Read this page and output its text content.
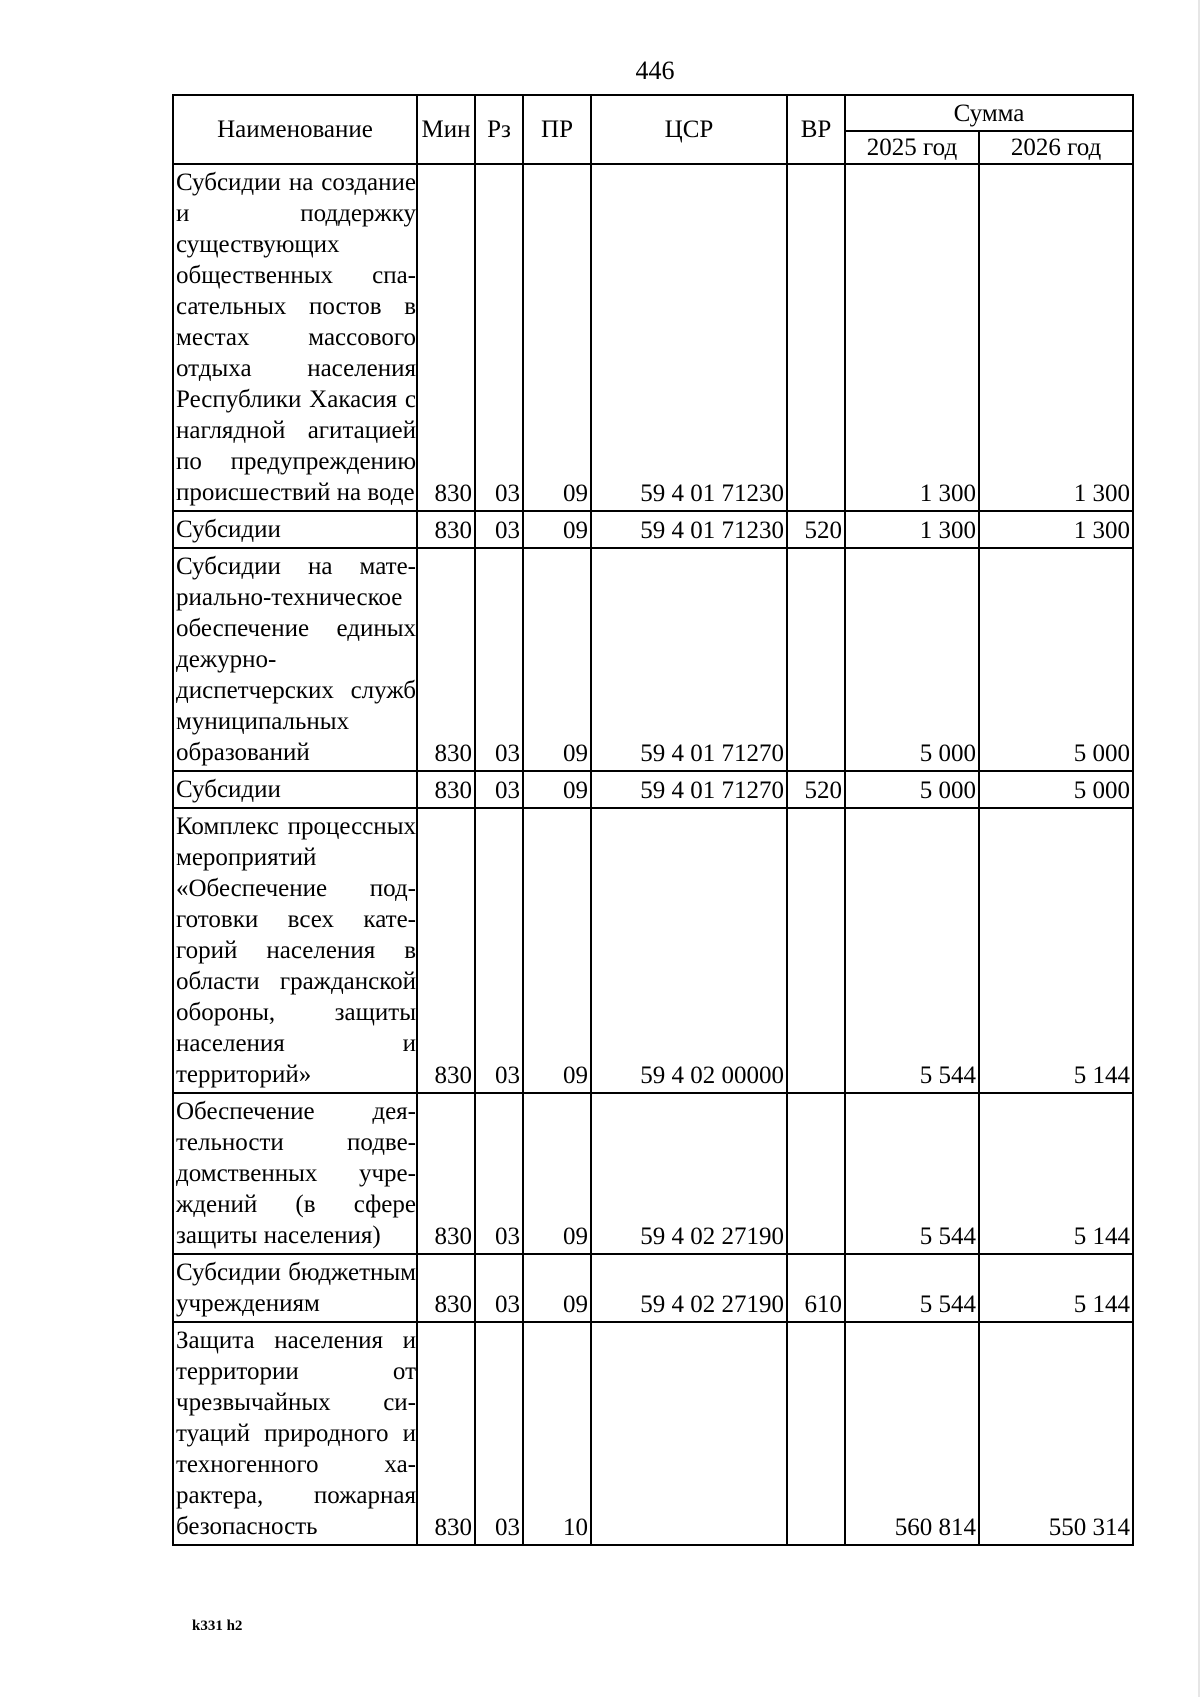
446
Наименование	Мин	Рз	ПР	ЦСР	ВР	Сумма	
						2025 год	2026 год
Субсидии на создание и поддержку существующих общественных спасательных постов в местах массового отдыха населения Республики Хакасия с наглядной агитацией по предупреждению происшествий на воде	830	03	09	59 4 01 71230		1 300	1 300
Субсидии	830	03	09	59 4 01 71230	520	1 300	1 300
Субсидии на материально-техническое обеспечение единых дежурно-диспетчерских служб муниципальных образований	830	03	09	59 4 01 71270		5 000	5 000
Субсидии	830	03	09	59 4 01 71270	520	5 000	5 000
Комплекс процессных мероприятий «Обеспечение подготовки всех категорий населения в области гражданской обороны, защиты населения и территорий»	830	03	09	59 4 02 00000		5 544	5 144
Обеспечение деятельности подведомственных учреждений (в сфере защиты населения)	830	03	09	59 4 02 27190		5 544	5 144
Субсидии бюджетным учреждениям	830	03	09	59 4 02 27190	610	5 544	5 144
Защита населения и территории от чрезвычайных ситуаций природного и техногенного характера, пожарная безопасность	830	03	10			560 814	550 314
k331 h2
